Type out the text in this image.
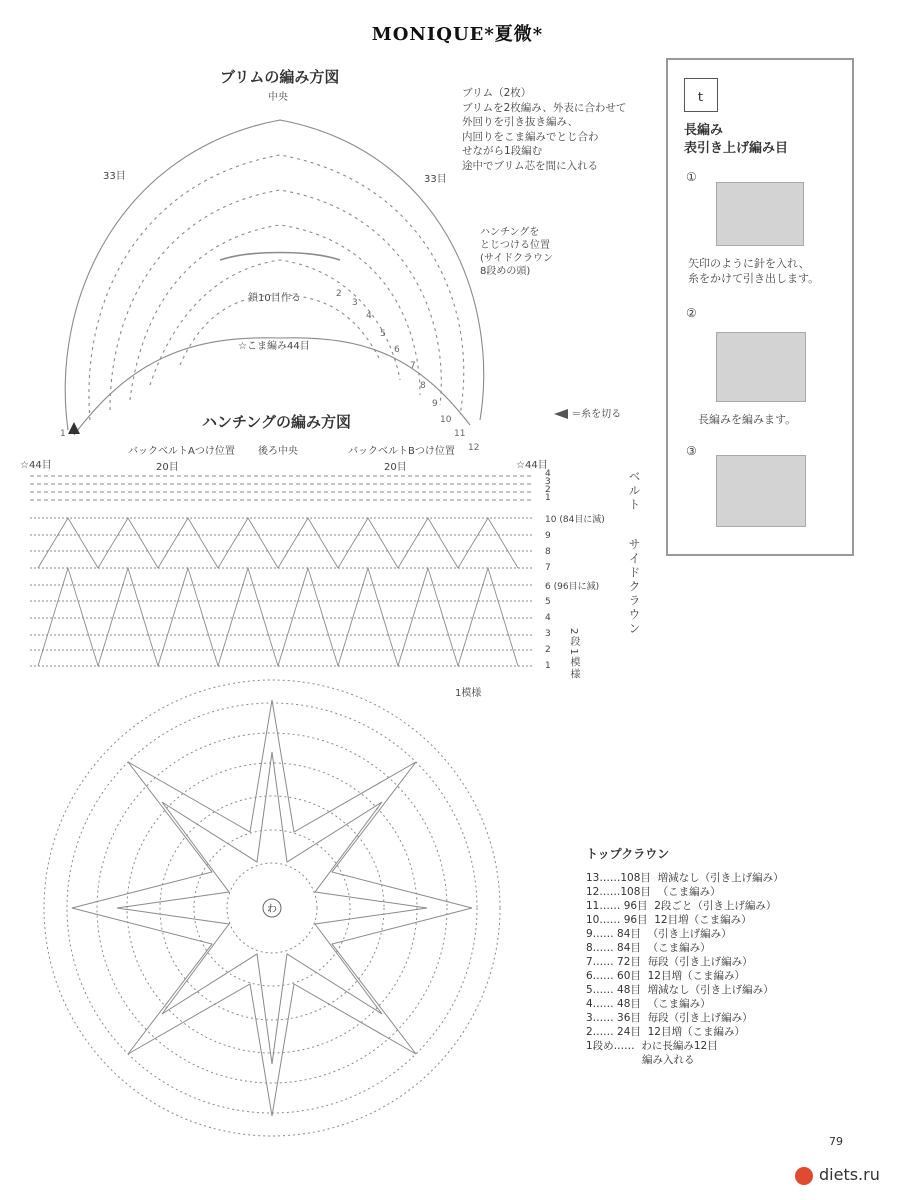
MONIQUE*夏微*
ブリムの編み方図
中央
33目	33目
鎖10目作る
☆こま編み44目
ハンチングを
とじつける位置
(サイドクラウン
8段めの頭)
＝糸を切る
ブリム（2枚）
ブリムを2枚編み、外表に合わせて
外回りを引き抜き編み、
内回りをこま編みでとじ合わ
せながら1段編む
途中でブリム芯を間に入れる
1
2
3
4
5
6
7
8
9
10
11
12
ハンチングの編み方図
バックベルトAつけ位置 後ろ中央	バックベルトBつけ位置
☆44目	20目	20目	☆44目
4
3
2
1
10 (84目に減)
9
8
7
6 (96目に減)
5
4
3
2
1
ベルト
サイドクラウン
2段1模様
1模様
わ
ₜ
長編み
表引き上げ編み目
①
矢印のように針を入れ、
糸をかけて引き出します。
②
長編みを編みます。
③
トップクラウン
13……108目 増減なし（引き上げ編み）
12……108目 （こま編み）
11…… 96目 2段ごと（引き上げ編み）
10…… 96目 12目増（こま編み）
9…… 84目 （引き上げ編み）
8…… 84目 （こま編み）
7…… 72目 毎段（引き上げ編み）
6…… 60目 12目増（こま編み）
5…… 48目 増減なし（引き上げ編み）
4…… 48目 （こま編み）
3…… 36目 毎段（引き上げ編み）
2…… 24目 12目増（こま編み）
1段め…… わに長編み12目
編み入れる
79
diets.ru
